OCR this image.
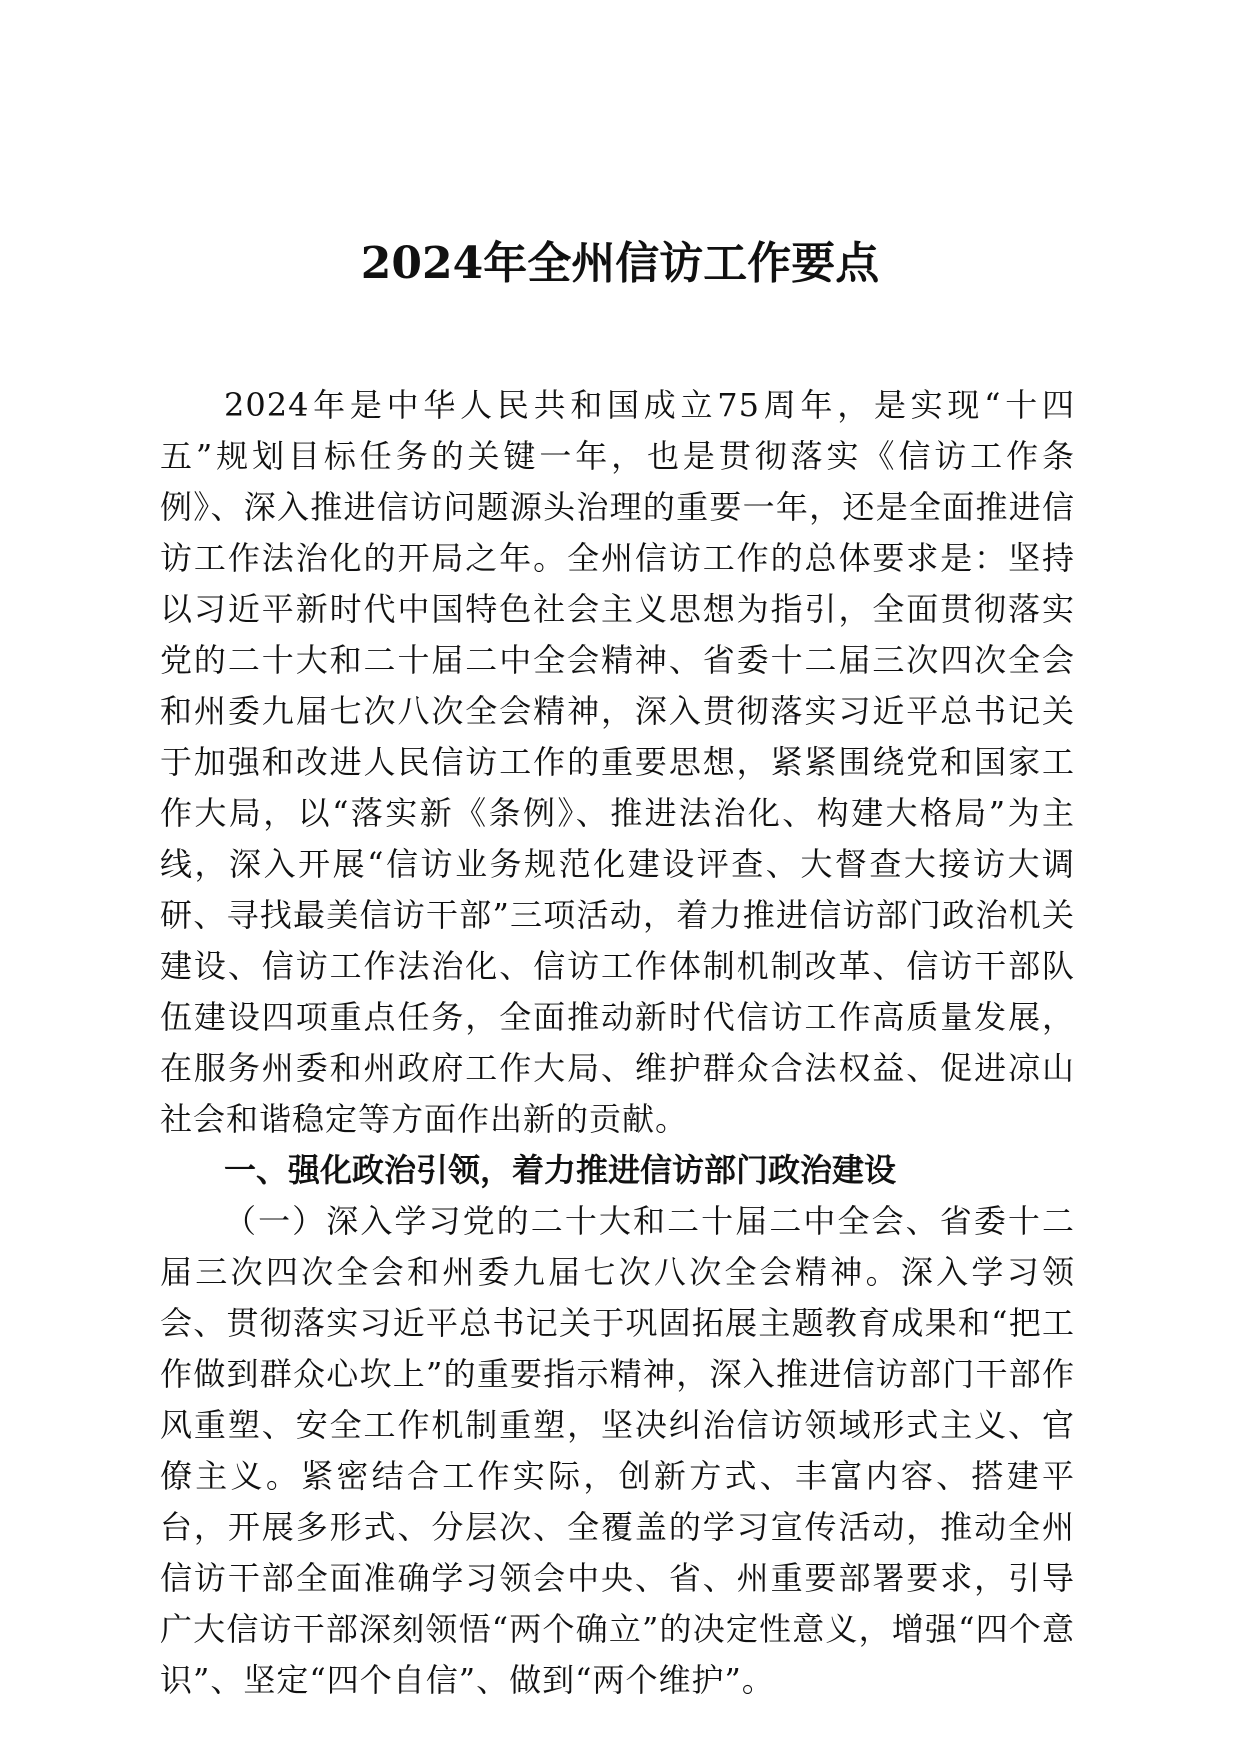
2024年全州信访工作要点

2024年是中华人民共和国成立75周年，是实现“十四五”规划目标任务的关键一年，也是贯彻落实《信访工作条例》、深入推进信访问题源头治理的重要一年，还是全面推进信访工作法治化的开局之年。全州信访工作的总体要求是：坚持以习近平新时代中国特色社会主义思想为指引，全面贯彻落实党的二十大和二十届二中全会精神、省委十二届三次四次全会和州委九届七次八次全会精神，深入贯彻落实习近平总书记关于加强和改进人民信访工作的重要思想，紧紧围绕党和国家工作大局，以“落实新《条例》、推进法治化、构建大格局”为主线，深入开展“信访业务规范化建设评查、大督查大接访大调研、寻找最美信访干部”三项活动，着力推进信访部门政治机关建设、信访工作法治化、信访工作体制机制改革、信访干部队伍建设四项重点任务，全面推动新时代信访工作高质量发展，在服务州委和州政府工作大局、维护群众合法权益、促进凉山社会和谐稳定等方面作出新的贡献。

一、强化政治引领，着力推进信访部门政治建设

（一）深入学习党的二十大和二十届二中全会、省委十二届三次四次全会和州委九届七次八次全会精神。深入学习领会、贯彻落实习近平总书记关于巩固拓展主题教育成果和“把工作做到群众心坎上”的重要指示精神，深入推进信访部门干部作风重塑、安全工作机制重塑，坚决纠治信访领域形式主义、官僚主义。紧密结合工作实际，创新方式、丰富内容、搭建平台，开展多形式、分层次、全覆盖的学习宣传活动，推动全州信访干部全面准确学习领会中央、省、州重要部署要求，引导广大信访干部深刻领悟“两个确立”的决定性意义，增强“四个意识”、坚定“四个自信”、做到“两个维护”。
